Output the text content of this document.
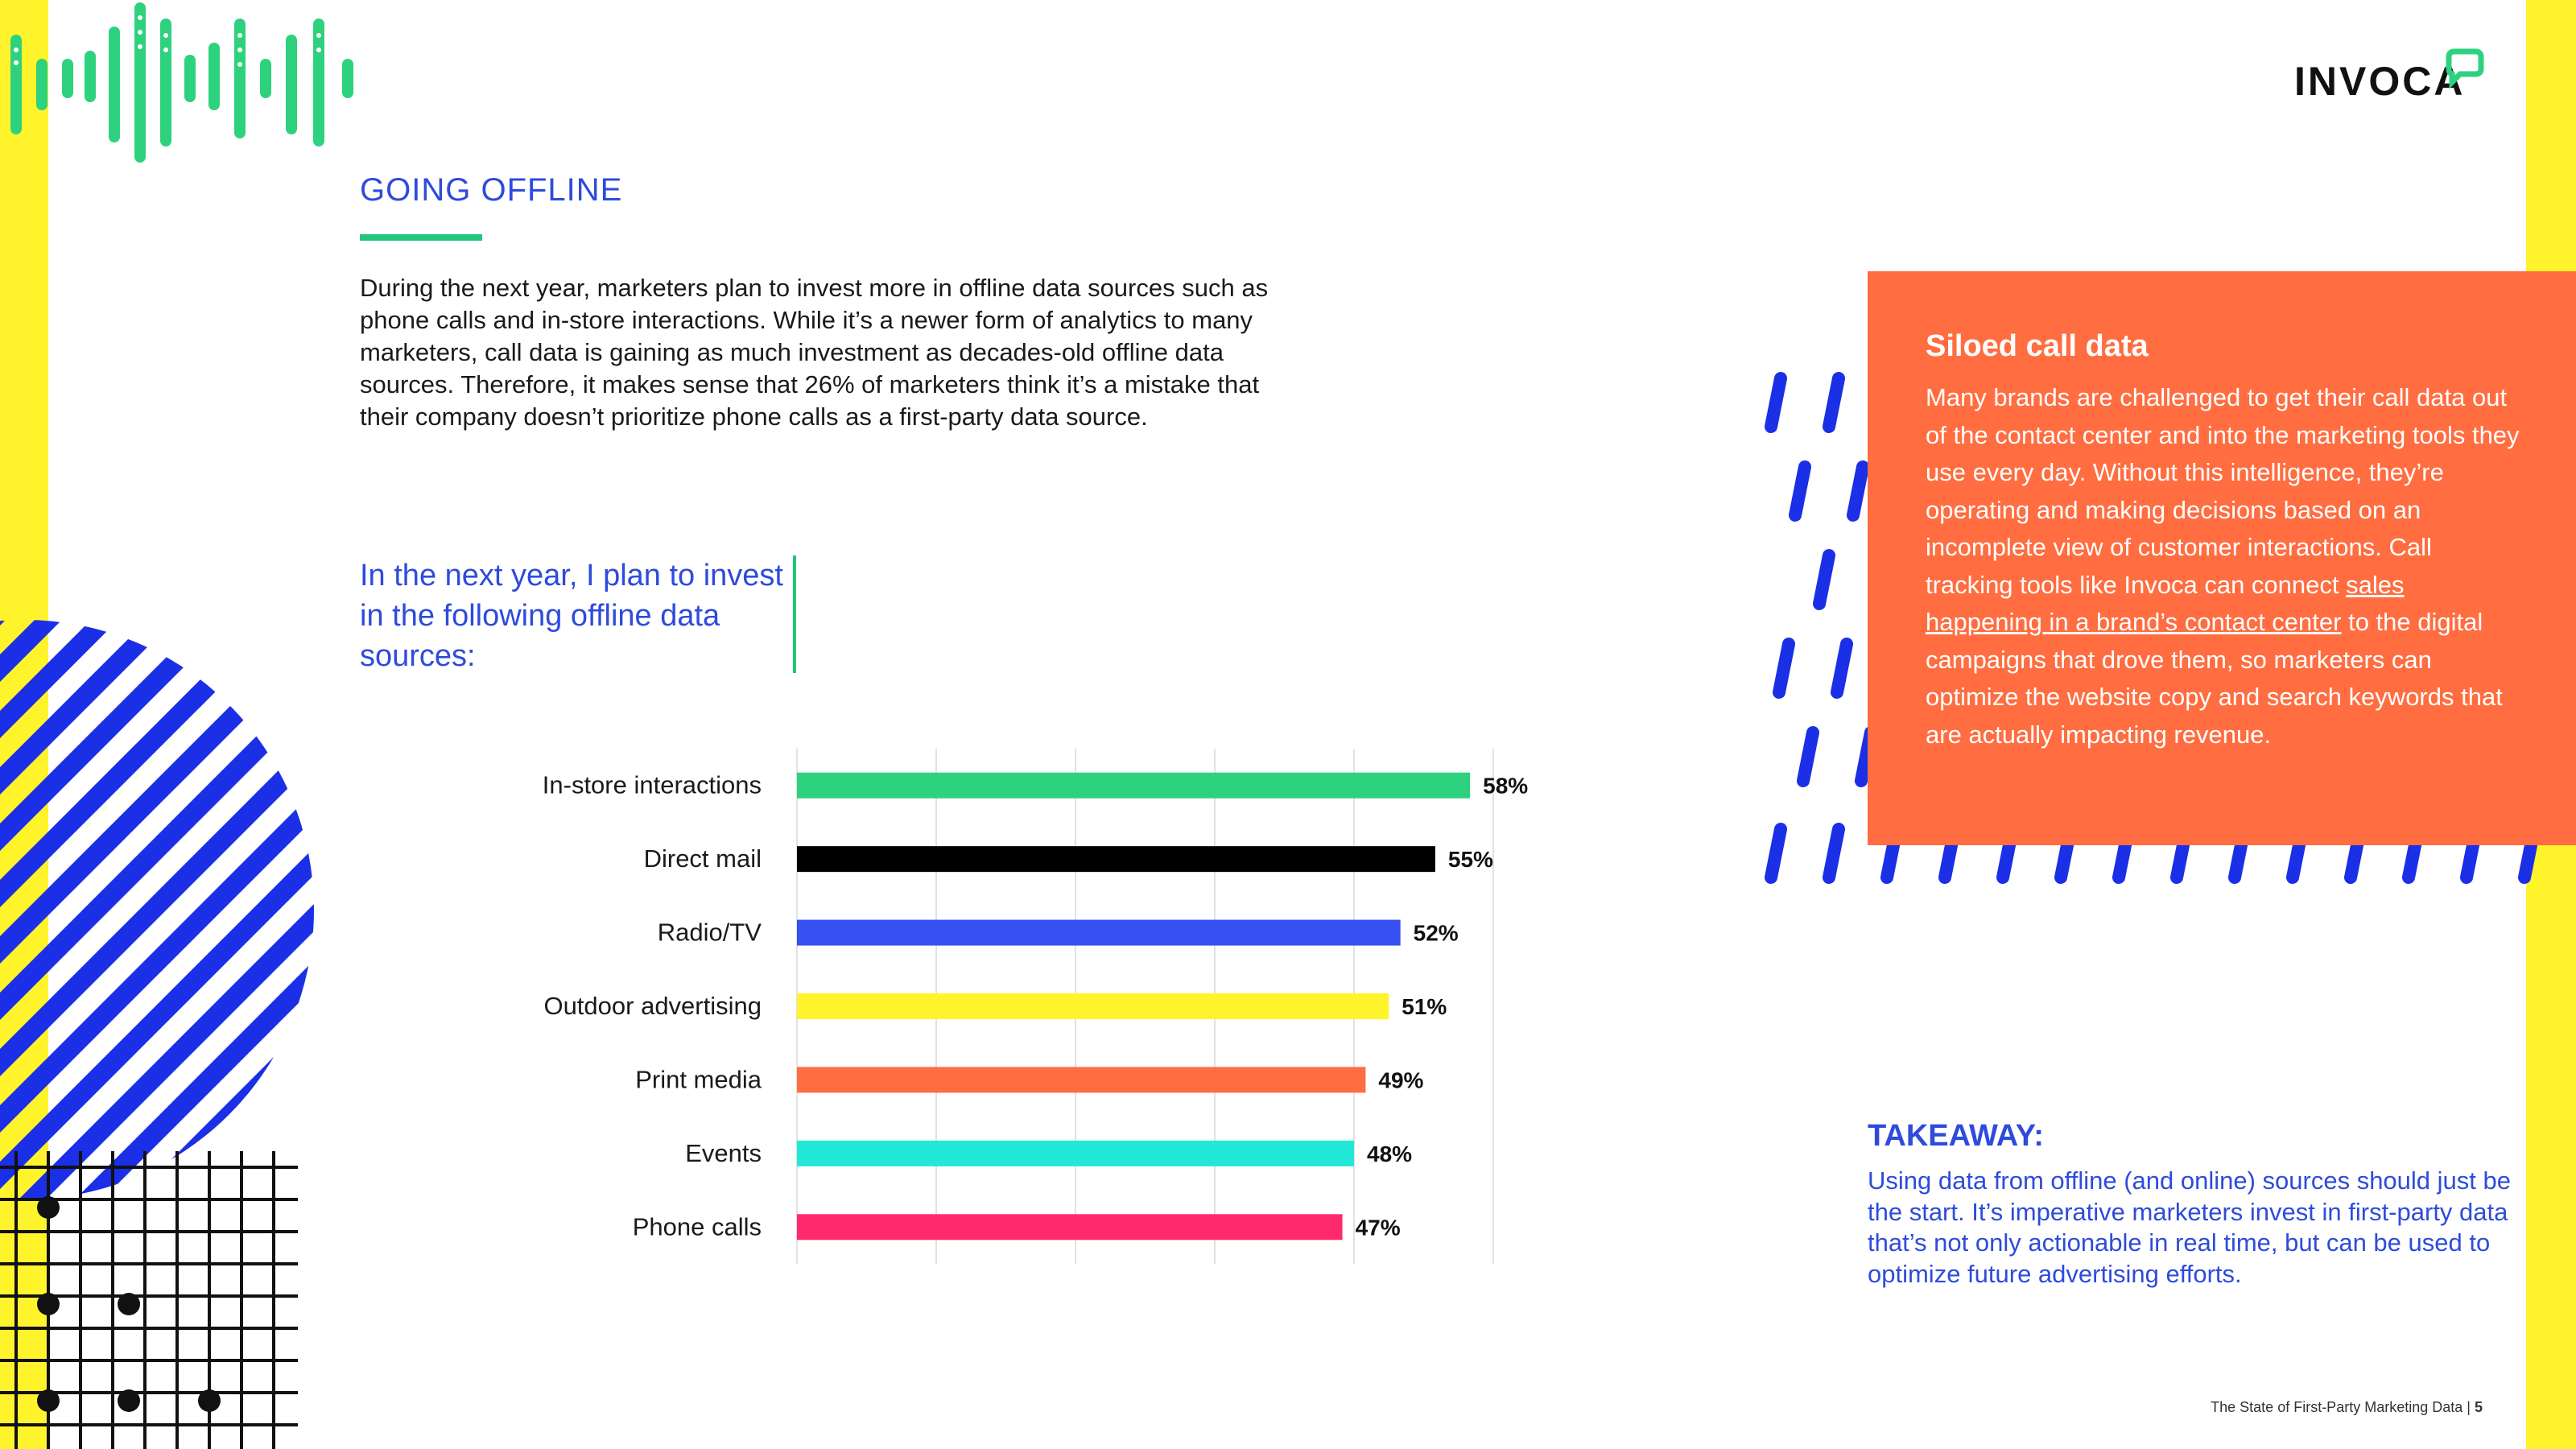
INVOCA
GOING OFFLINE
During the next year, marketers plan to invest more in offline data sources such as phone calls and in-store interactions. While it’s a newer form of analytics to many marketers, call data is gaining as much investment as decades-old offline data sources. Therefore, it makes sense that 26% of marketers think it’s a mistake that their company doesn’t prioritize phone calls as a first-party data source.
In the next year, I plan to invest in the following offline data sources:
In-store interactions	58%
Direct mail	55%
Radio/TV	52%
Outdoor advertising	51%
Print media	49%
Events	48%
Phone calls	47%
Siloed call data
Many brands are challenged to get their call data out of the contact center and into the marketing tools they use every day. Without this intelligence, they’re operating and making decisions based on an incomplete view of customer interactions. Call tracking tools like Invoca can connect sales happening in a brand’s contact center to the digital campaigns that drove them, so marketers can optimize the website copy and search keywords that are actually impacting revenue.
TAKEAWAY:
Using data from offline (and online) sources should just be the start. It’s imperative marketers invest in first-party data that’s not only actionable in real time, but can be used to optimize future advertising efforts.
The State of First-Party Marketing Data | 5
